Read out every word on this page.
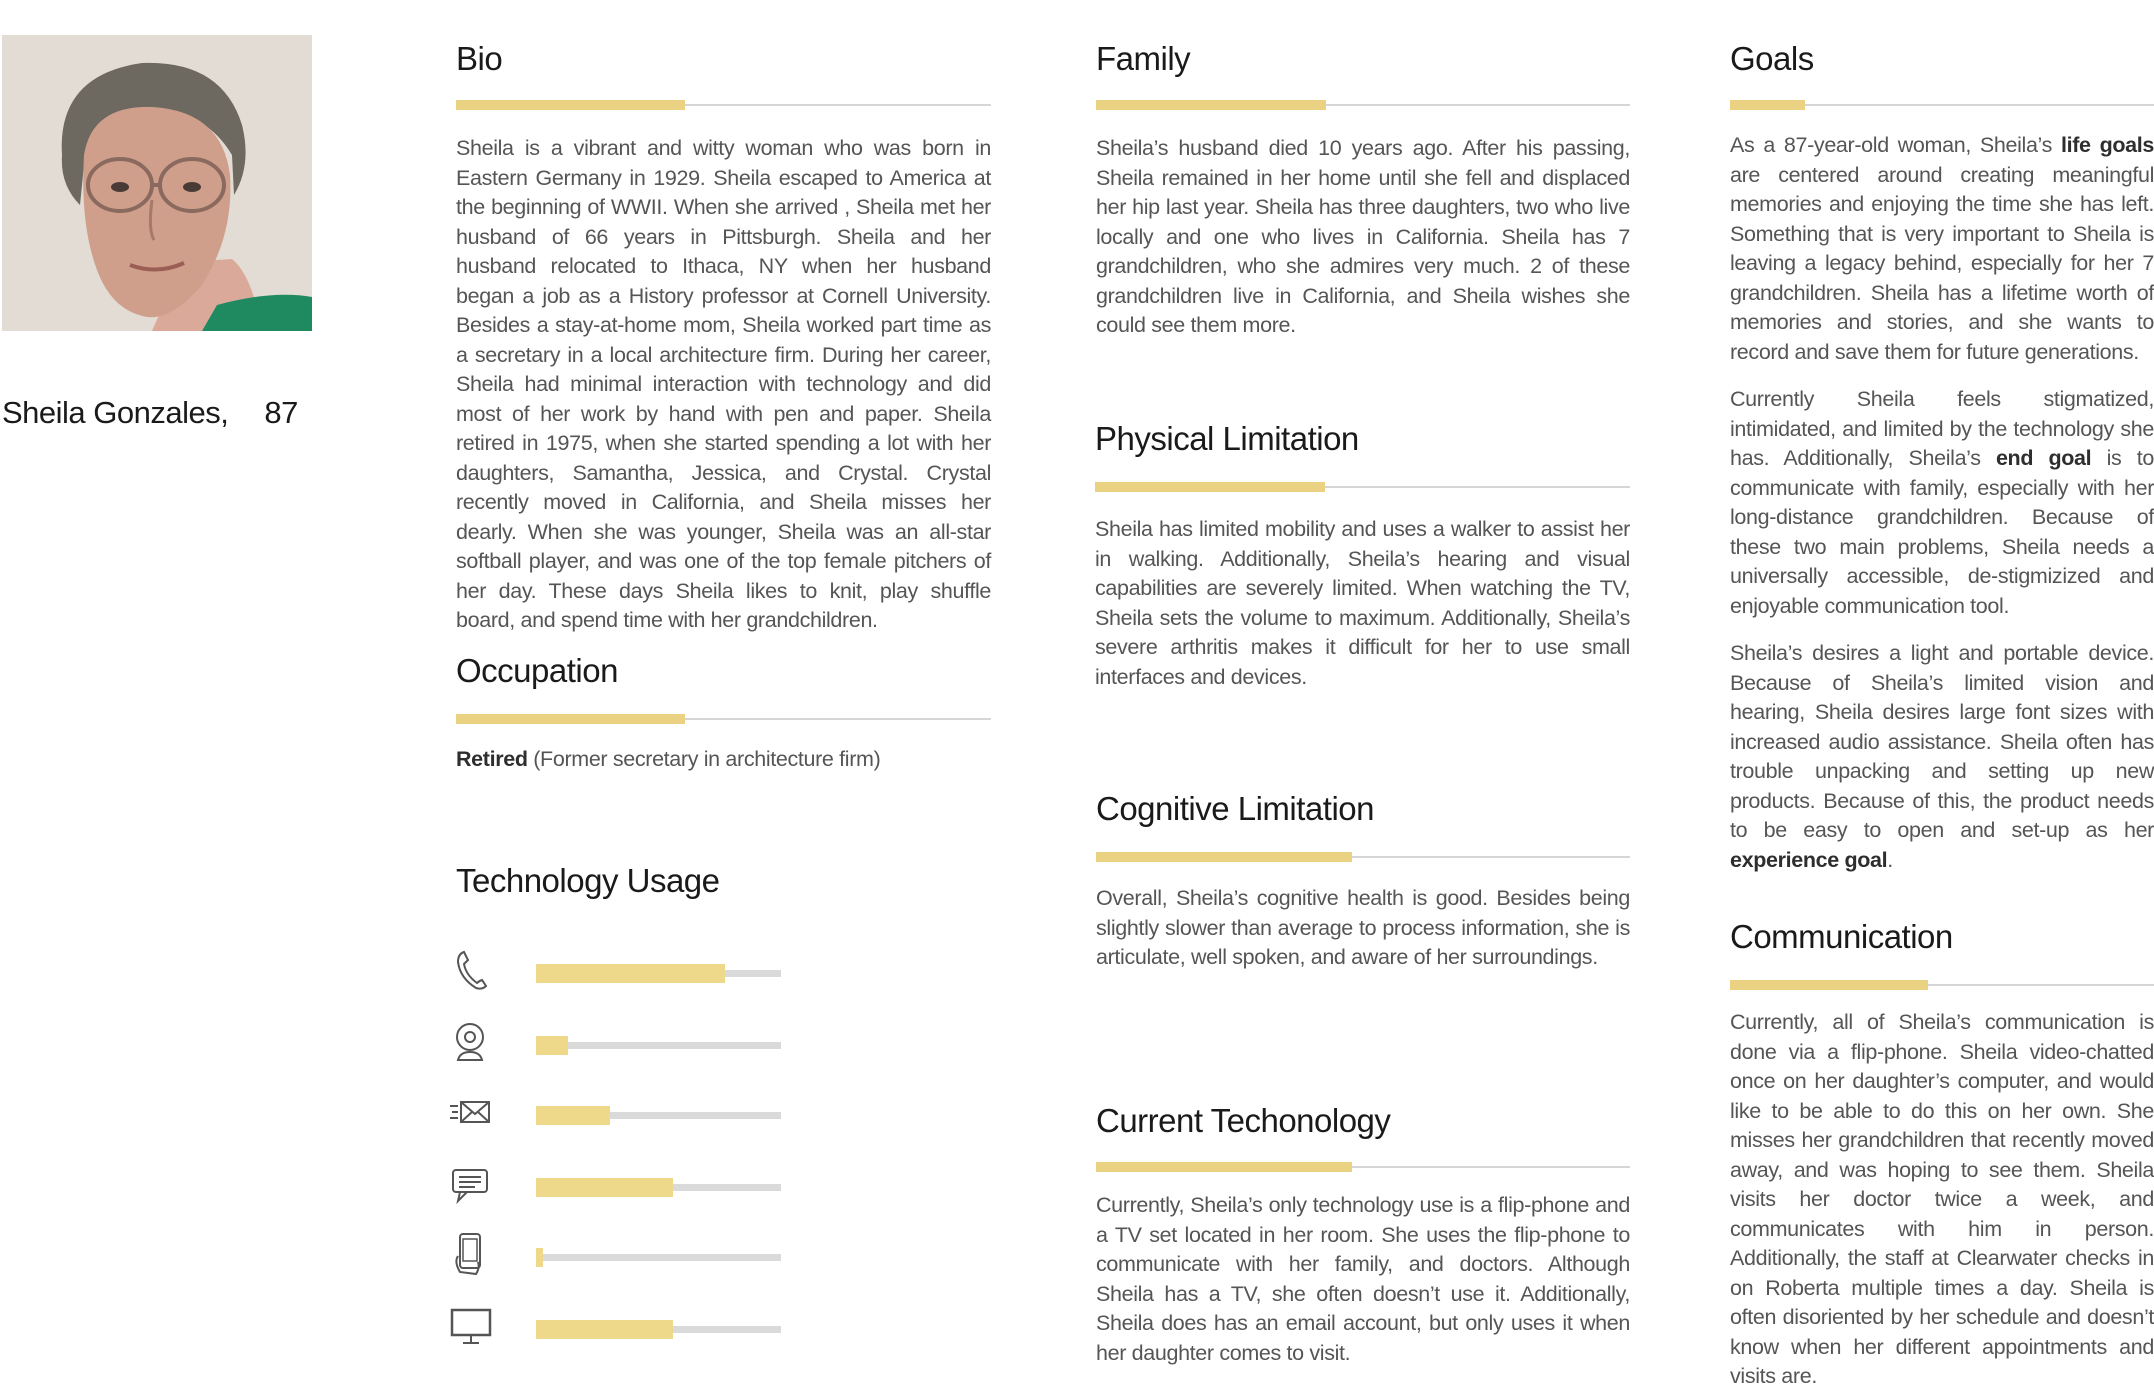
Sheila Gonzales, 87
Bio

Sheila is a vibrant and witty woman who was born in Eastern Germany in 1929. Sheila escaped to America at the beginning of WWII. When she arrived , Sheila met her husband of 66 years in Pittsburgh. Sheila and her husband relocated to Ithaca, NY when her husband began a job as a History professor at Cornell University. Besides a stay-at-home mom, Sheila worked part time as a secretary in a local architecture firm. During her career, Sheila had minimal interaction with technology and did most of her work by hand with pen and paper. Sheila retired in 1975, when she started spending a lot with her daughters, Samantha, Jessica, and Crystal. Crystal recently moved in California, and Sheila misses her dearly. When she was younger, Sheila was an all-star softball player, and was one of the top female pitchers of her day. These days Sheila likes to knit, play shuffle board, and spend time with her grandchildren.

Occupation

Retired (Former secretary in architecture firm)

Technology Usage
Family

Sheila’s husband died 10 years ago. After his passing, Sheila remained in her home until she fell and displaced her hip last year. Sheila has three daughters, two who live locally and one who lives in California. Sheila has 7 grandchildren, who she admires very much. 2 of these grandchildren live in California, and Sheila wishes she could see them more.

Physical Limitation

Sheila has limited mobility and uses a walker to assist her in walking. Additionally, Sheila’s hearing and visual capabilities are severely limited. When watching the TV, Sheila sets the volume to maximum. Additionally, Sheila’s severe arthritis makes it difficult for her to use small interfaces and devices.

Cognitive Limitation

Overall, Sheila’s cognitive health is good. Besides being slightly slower than average to process information, she is articulate, well spoken, and aware of her surroundings.

Current Techonology

Currently, Sheila’s only technology use is a flip-phone and a TV set located in her room. She uses the flip-phone to communicate with her family, and doctors. Although Sheila has a TV, she often doesn’t use it. Additionally, Sheila does has an email account, but only uses it when her daughter comes to visit.

Goals

As a 87-year-old woman, Sheila’s life goals are centered around creating meaningful memories and enjoying the time she has left. Something that is very important to Sheila is leaving a legacy behind, especially for her 7 grandchildren. Sheila has a lifetime worth of memories and stories, and she wants to record and save them for future generations.

Currently Sheila feels stigmatized, intimidated, and limited by the technology she has. Additionally, Sheila’s end goal is to communicate with family, especially with her long-distance grandchildren. Because of these two main problems, Sheila needs a universally accessible, de-stigmizized and enjoyable communication tool.

Sheila’s desires a light and portable device. Because of Sheila’s limited vision and hearing, Sheila desires large font sizes with increased audio assistance. Sheila often has trouble unpacking and setting up new products. Because of this, the product needs to be easy to open and set-up as her experience goal.

Communication

Currently, all of Sheila’s communication is done via a flip-phone. Sheila video-chatted once on her daughter’s computer, and would like to be able to do this on her own. She misses her grandchildren that recently moved away, and was hoping to see them. Sheila visits her doctor twice a week, and communicates with him in person. Additionally, the staff at Clearwater checks in on Roberta multiple times a day. Sheila is often disoriented by her schedule and doesn’t know when her different appointments and visits are.
